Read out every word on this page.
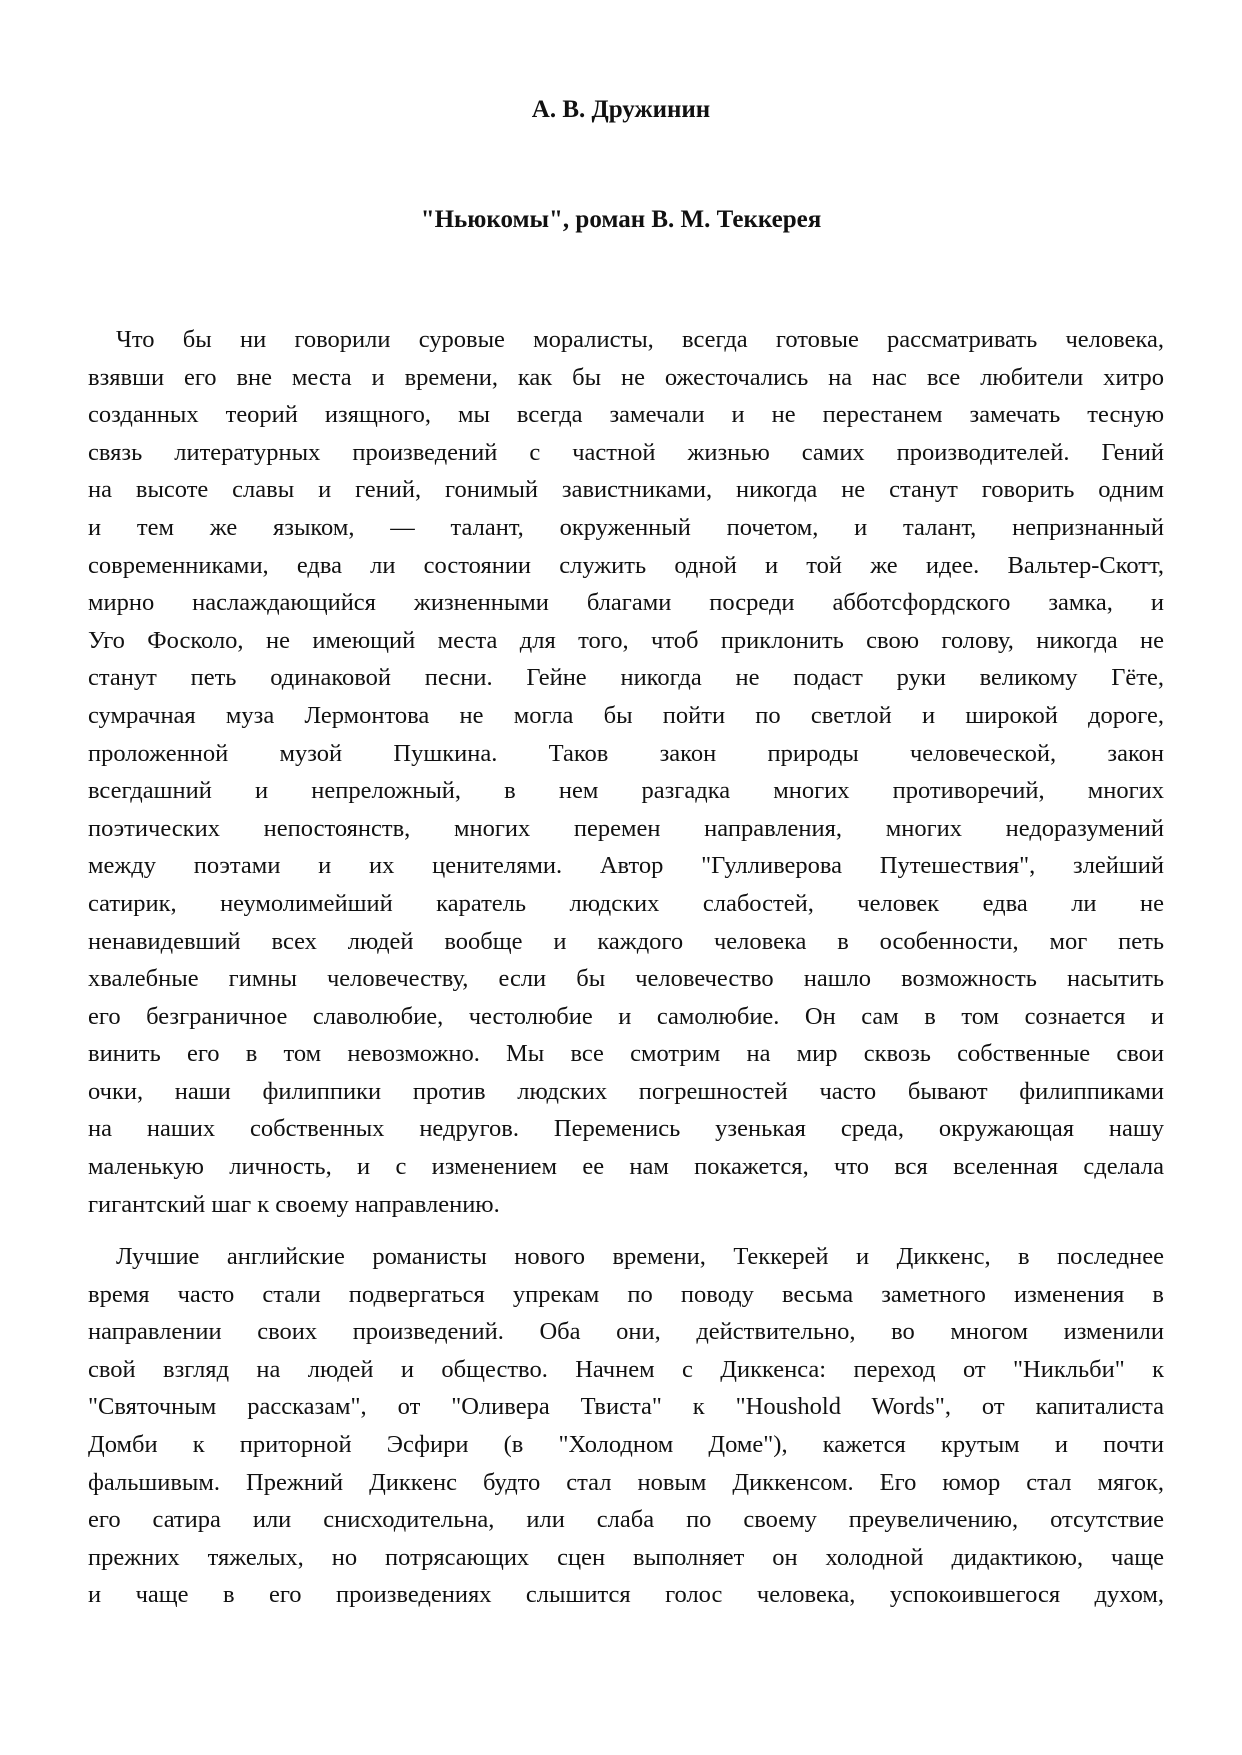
А. В. Дружинин
"Ньюкомы", роман В. М. Теккерея
Что бы ни говорили суровые моралисты, всегда готовые рассматривать человека,
взявши его вне места и времени, как бы не ожесточались на нас все любители хитро
созданных теорий изящного, мы всегда замечали и не перестанем замечать тесную
связь литературных произведений с частной жизнью самих производителей. Гений
на высоте славы и гений, гонимый завистниками, никогда не станут говорить одним
и тем же языком, — талант, окруженный почетом, и талант, непризнанный
современниками, едва ли состоянии служить одной и той же идее. Вальтер-Скотт,
мирно наслаждающийся жизненными благами посреди абботсфордского замка, и
Уго Фосколо, не имеющий места для того, чтоб приклонить свою голову, никогда не
станут петь одинаковой песни. Гейне никогда не подаст руки великому Гёте,
сумрачная муза Лермонтова не могла бы пойти по светлой и широкой дороге,
проложенной музой Пушкина. Таков закон природы человеческой, закон
всегдашний и непреложный, в нем разгадка многих противоречий, многих
поэтических непостоянств, многих перемен направления, многих недоразумений
между поэтами и их ценителями. Автор "Гулливерова Путешествия", злейший
сатирик, неумолимейший каратель людских слабостей, человек едва ли не
ненавидевший всех людей вообще и каждого человека в особенности, мог петь
хвалебные гимны человечеству, если бы человечество нашло возможность насытить
его безграничное славолюбие, честолюбие и самолюбие. Он сам в том сознается и
винить его в том невозможно. Мы все смотрим на мир сквозь собственные свои
очки, наши филиппики против людских погрешностей часто бывают филиппиками
на наших собственных недругов. Переменись узенькая среда, окружающая нашу
маленькую личность, и с изменением ее нам покажется, что вся вселенная сделала
гигантский шаг к своему направлению.
Лучшие английские романисты нового времени, Теккерей и Диккенс, в последнее
время часто стали подвергаться упрекам по поводу весьма заметного изменения в
направлении своих произведений. Оба они, действительно, во многом изменили
свой взгляд на людей и общество. Начнем с Диккенса: переход от "Никльби" к
"Святочным рассказам", от "Оливера Твиста" к "Houshold Words", от капиталиста
Домби к приторной Эсфири (в "Холодном Доме"), кажется крутым и почти
фальшивым. Прежний Диккенс будто стал новым Диккенсом. Его юмор стал мягок,
его сатира или снисходительна, или слаба по своему преувеличению, отсутствие
прежних тяжелых, но потрясающих сцен выполняет он холодной дидактикою, чаще
и чаще в его произведениях слышится голос человека, успокоившегося духом,
